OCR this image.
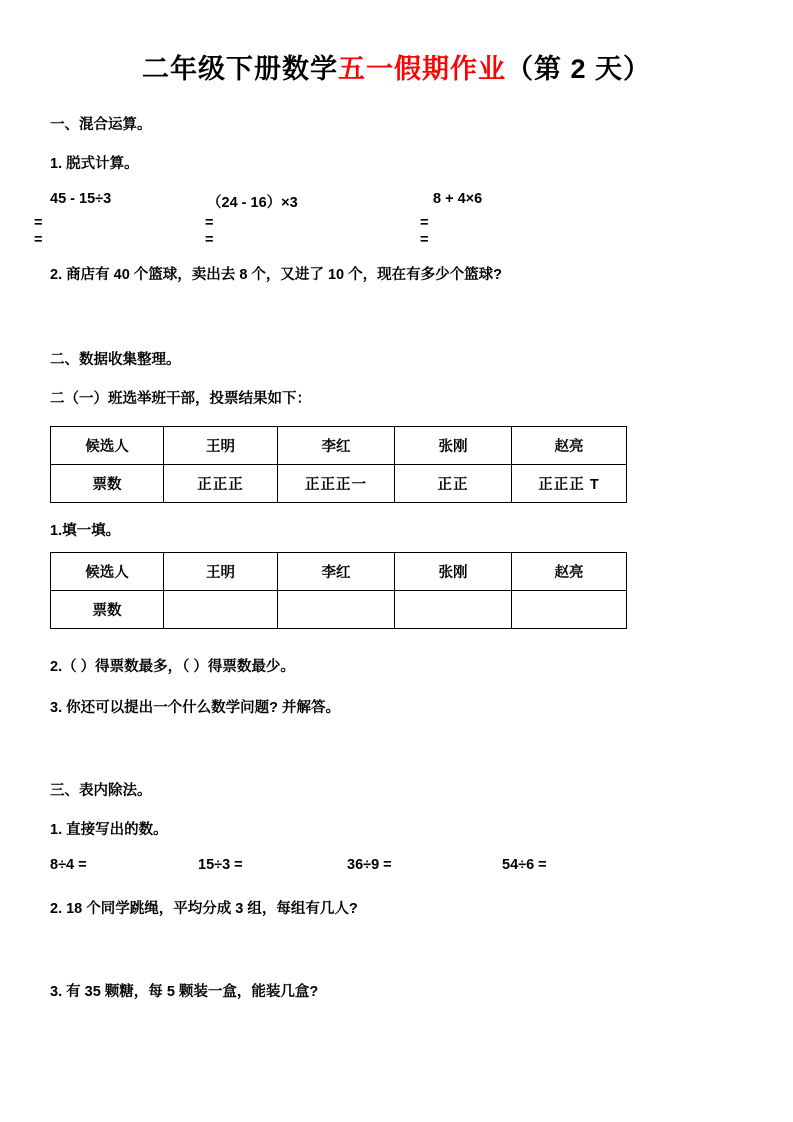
二年级下册数学五一假期作业（第 2 天）
一、混合运算。
1. 脱式计算。
45 - 15÷3	（24 - 16）×3	8 + 4×6
=	=	=
=	=	=
2. 商店有 40 个篮球，卖出去 8 个，又进了 10 个，现在有多少个篮球?
二、数据收集整理。
二（一）班选举班干部，投票结果如下：
候选人	王明	李红	张刚	赵亮
票数	正正正	正正正一	正正	正正正 T
1.填一填。
候选人	王明	李红	张刚	赵亮
票数				
2.（ ）得票数最多，（ ）得票数最少。
3. 你还可以提出一个什么数学问题? 并解答。
三、表内除法。
1. 直接写出的数。
8÷4 =	15÷3 =	36÷9 =	54÷6 =
2. 18 个同学跳绳，平均分成 3 组，每组有几人?
3. 有 35 颗糖，每 5 颗装一盒，能装几盒?
